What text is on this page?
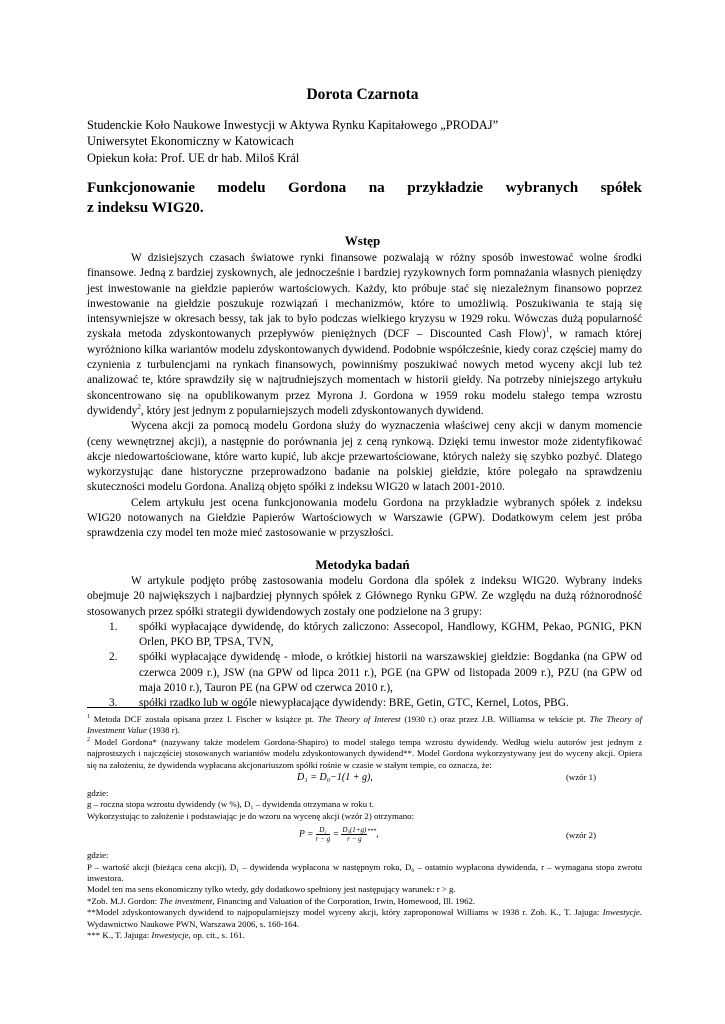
Dorota Czarnota
Studenckie Koło Naukowe Inwestycji w Aktywa Rynku Kapitałowego „PRODAJ”
Uniwersytet Ekonomiczny w Katowicach
Opiekun koła: Prof. UE dr hab. Miloš Král
Funkcjonowanie modelu Gordona na przykładzie wybranych spółek
z indeksu WIG20.
Wstęp

W dzisiejszych czasach światowe rynki finansowe pozwalają w różny sposób inwestować wolne środki finansowe. Jedną z bardziej zyskownych, ale jednocześnie i bardziej ryzykownych form pomnażania własnych pieniędzy jest inwestowanie na giełdzie papierów wartościowych. Każdy, kto próbuje stać się niezależnym finansowo poprzez inwestowanie na giełdzie poszukuje rozwiązań i mechanizmów, które to umożliwią. Poszukiwania te stają się intensywniejsze w okresach bessy, tak jak to było podczas wielkiego kryzysu w 1929 roku. Wówczas dużą popularność zyskała metoda zdyskontowanych przepływów pieniężnych (DCF – Discounted Cash Flow)$^1$, w ramach której wyróżniono kilka wariantów modelu zdyskontowanych dywidend. Podobnie współcześnie, kiedy coraz częściej mamy do czynienia z turbulencjami na rynkach finansowych, powinniśmy poszukiwać nowych metod wyceny akcji lub też analizować te, które sprawdziły się w najtrudniejszych momentach w historii giełdy. Na potrzeby niniejszego artykułu skoncentrowano się na opublikowanym przez Myrona J. Gordona w 1959 roku modelu stałego tempa wzrostu dywidendy$^2$, który jest jednym z popularniejszych modeli zdyskontowanych dywidend.

Wycena akcji za pomocą modelu Gordona służy do wyznaczenia właściwej ceny akcji w danym momencie (ceny wewnętrznej akcji), a następnie do porównania jej z ceną rynkową. Dzięki temu inwestor może zidentyfikować akcje niedowartościowane, które warto kupić, lub akcje przewartościowane, których należy się szybko pozbyć. Dlatego wykorzystując dane historyczne przeprowadzono badanie na polskiej giełdzie, które polegało na sprawdzeniu skuteczności modelu Gordona. Analizą objęto spółki z indeksu WIG20 w latach 2001-2010.

Celem artykułu jest ocena funkcjonowania modelu Gordona na przykładzie wybranych spółek z indeksu WIG20 notowanych na Giełdzie Papierów Wartościowych w Warszawie (GPW). Dodatkowym celem jest próba sprawdzenia czy model ten może mieć zastosowanie w przyszłości.

Metodyka badań

W artykule podjęto próbę zastosowania modelu Gordona dla spółek z indeksu WIG20. Wybrany indeks obejmuje 20 największych i najbardziej płynnych spółek z Głównego Rynku GPW. Ze względu na dużą różnorodność stosowanych przez spółki strategii dywidendowych zostały one podzielone na 3 grupy:

1. spółki wypłacające dywidendę, do których zaliczono: Assecopol, Handlowy, KGHM, Pekao, PGNIG, PKN Orlen, PKO BP, TPSA, TVN,
2. spółki wypłacające dywidendę - młode, o krótkiej historii na warszawskiej giełdzie: Bogdanka (na GPW od czerwca 2009 r.), JSW (na GPW od lipca 2011 r.), PGE (na GPW od listopada 2009 r.), PZU (na GPW od maja 2010 r.), Tauron PE (na GPW od czerwca 2010 r.),
3. spółki rzadko lub w ogóle niewypłacające dywidendy: BRE, Getin, GTC, Kernel, Lotos, PBG.

$^1$ Metoda DCF została opisana przez I. Fischer w książce pt. The Theory of Interest (1930 r.) oraz przez J.B. Williamsa w tekście pt. The Theory of Investment Value (1938 r).

$^2$ Model Gordona* (nazywany także modelem Gordona-Shapiro) to model stałego tempa wzrostu dywidendy. Według wielu autorów jest jednym z najprostszych i najczęściej stosowanych wariantów modelu zdyskontowanych dywidend**. Model Gordona wykorzystywany jest do wyceny akcji. Opiera się na założeniu, że dywidenda wypłacana akcjonariuszom spółki rośnie w czasie w stałym tempie, co oznacza, że:

D₁ = D₀−1(1 + g),	(wzór 1)

gdzie:

g – roczna stopa wzrostu dywidendy (w %), D₁ – dywidenda otrzymana w roku t.

Wykorzystując to założenie i podstawiając je do wzoru na wycenę akcji (wzór 2) otrzymano:

$P = \frac{\text{D₁}}{r - g} = \frac{\text{D₀(1+g)}}{r - g} ^{***}$,	(wzór 2)

gdzie:

P – wartość akcji (bieżąca cena akcji), D₁ – dywidenda wypłacona w następnym roku, D₀ – ostatnio wypłacona dywidenda, r – wymagana stopa zwrotu inwestora.

Model ten ma sens ekonomiczny tylko wtedy, gdy dodatkowo spełniony jest następujący warunek: r > g.

*Zob. M.J. Gordon: The investment, Financing and Valuation of the Corporation, Irwin, Homewood, Ill. 1962.

**Model zdyskontowanych dywidend to najpopularniejszy model wyceny akcji, który zaproponował Williams w 1938 r. Zob. K., T. Jajuga: Inwestycje. Wydawnictwo Naukowe PWN, Warszawa 2006, s. 160-164.

*** K., T. Jajuga: Inwestycje, op. cit., s. 161.
